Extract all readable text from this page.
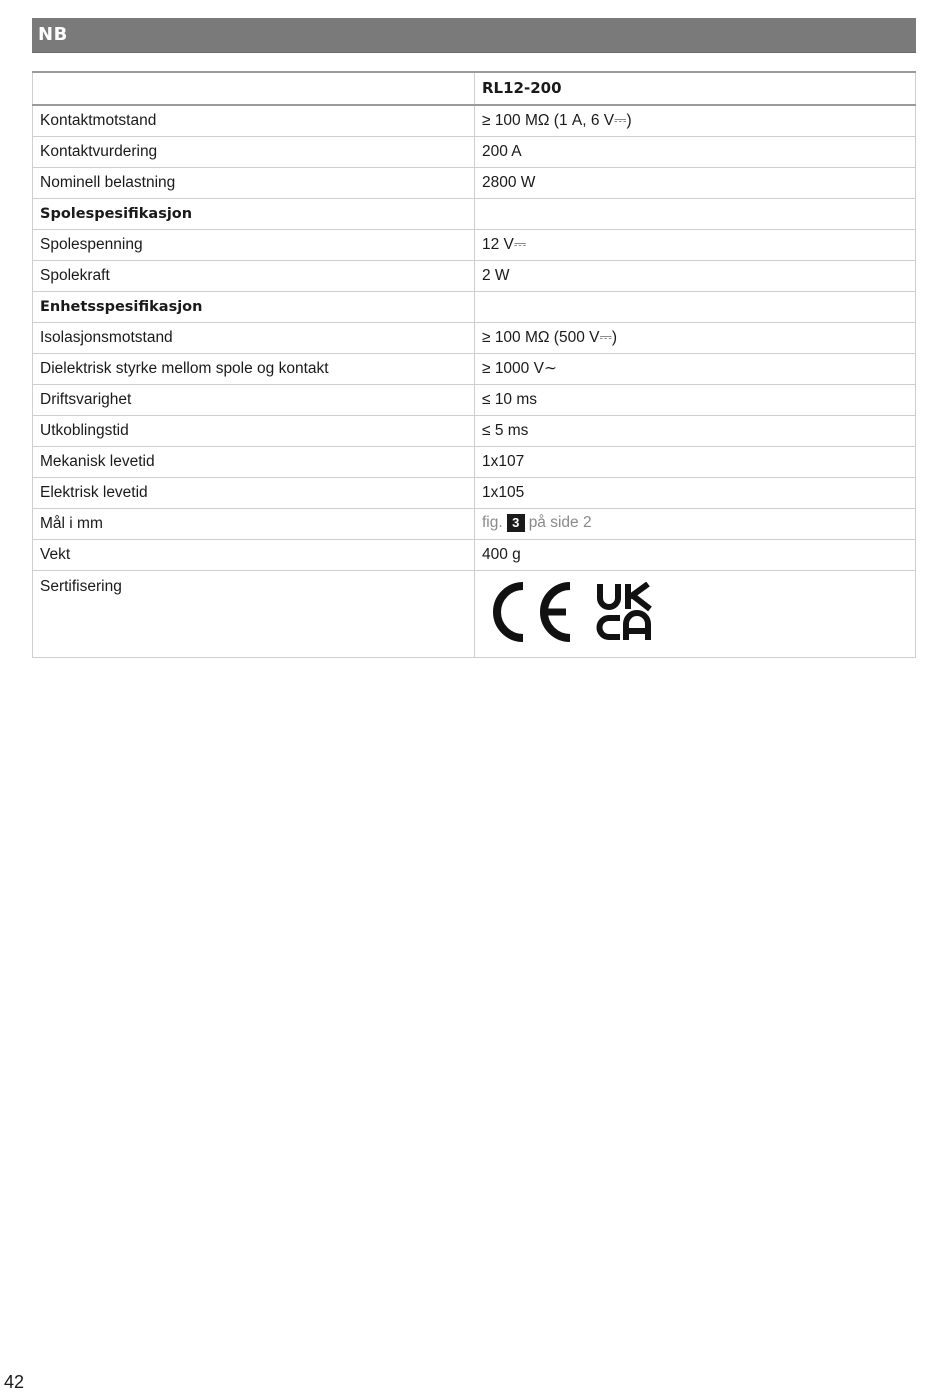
NB
	RL12-200
Kontaktmotstand	≥ 100 MΩ (1 A, 6 V⎓)
Kontaktvurdering	200 A
Nominell belastning	2800 W
Spolespesifikasjon	
Spolespenning	12 V⎓
Spolekraft	2 W
Enhetsspesifikasjon	
Isolasjonsmotstand	≥ 100 MΩ (500 V⎓)
Dielektrisk styrke mellom spole og kontakt	≥ 1000 V∼
Driftsvarighet	≤ 10 ms
Utkoblingstid	≤ 5 ms
Mekanisk levetid	1x107
Elektrisk levetid	1x105
Mål i mm	fig. 3 på side 2
Vekt	400 g
Sertifisering	
42
